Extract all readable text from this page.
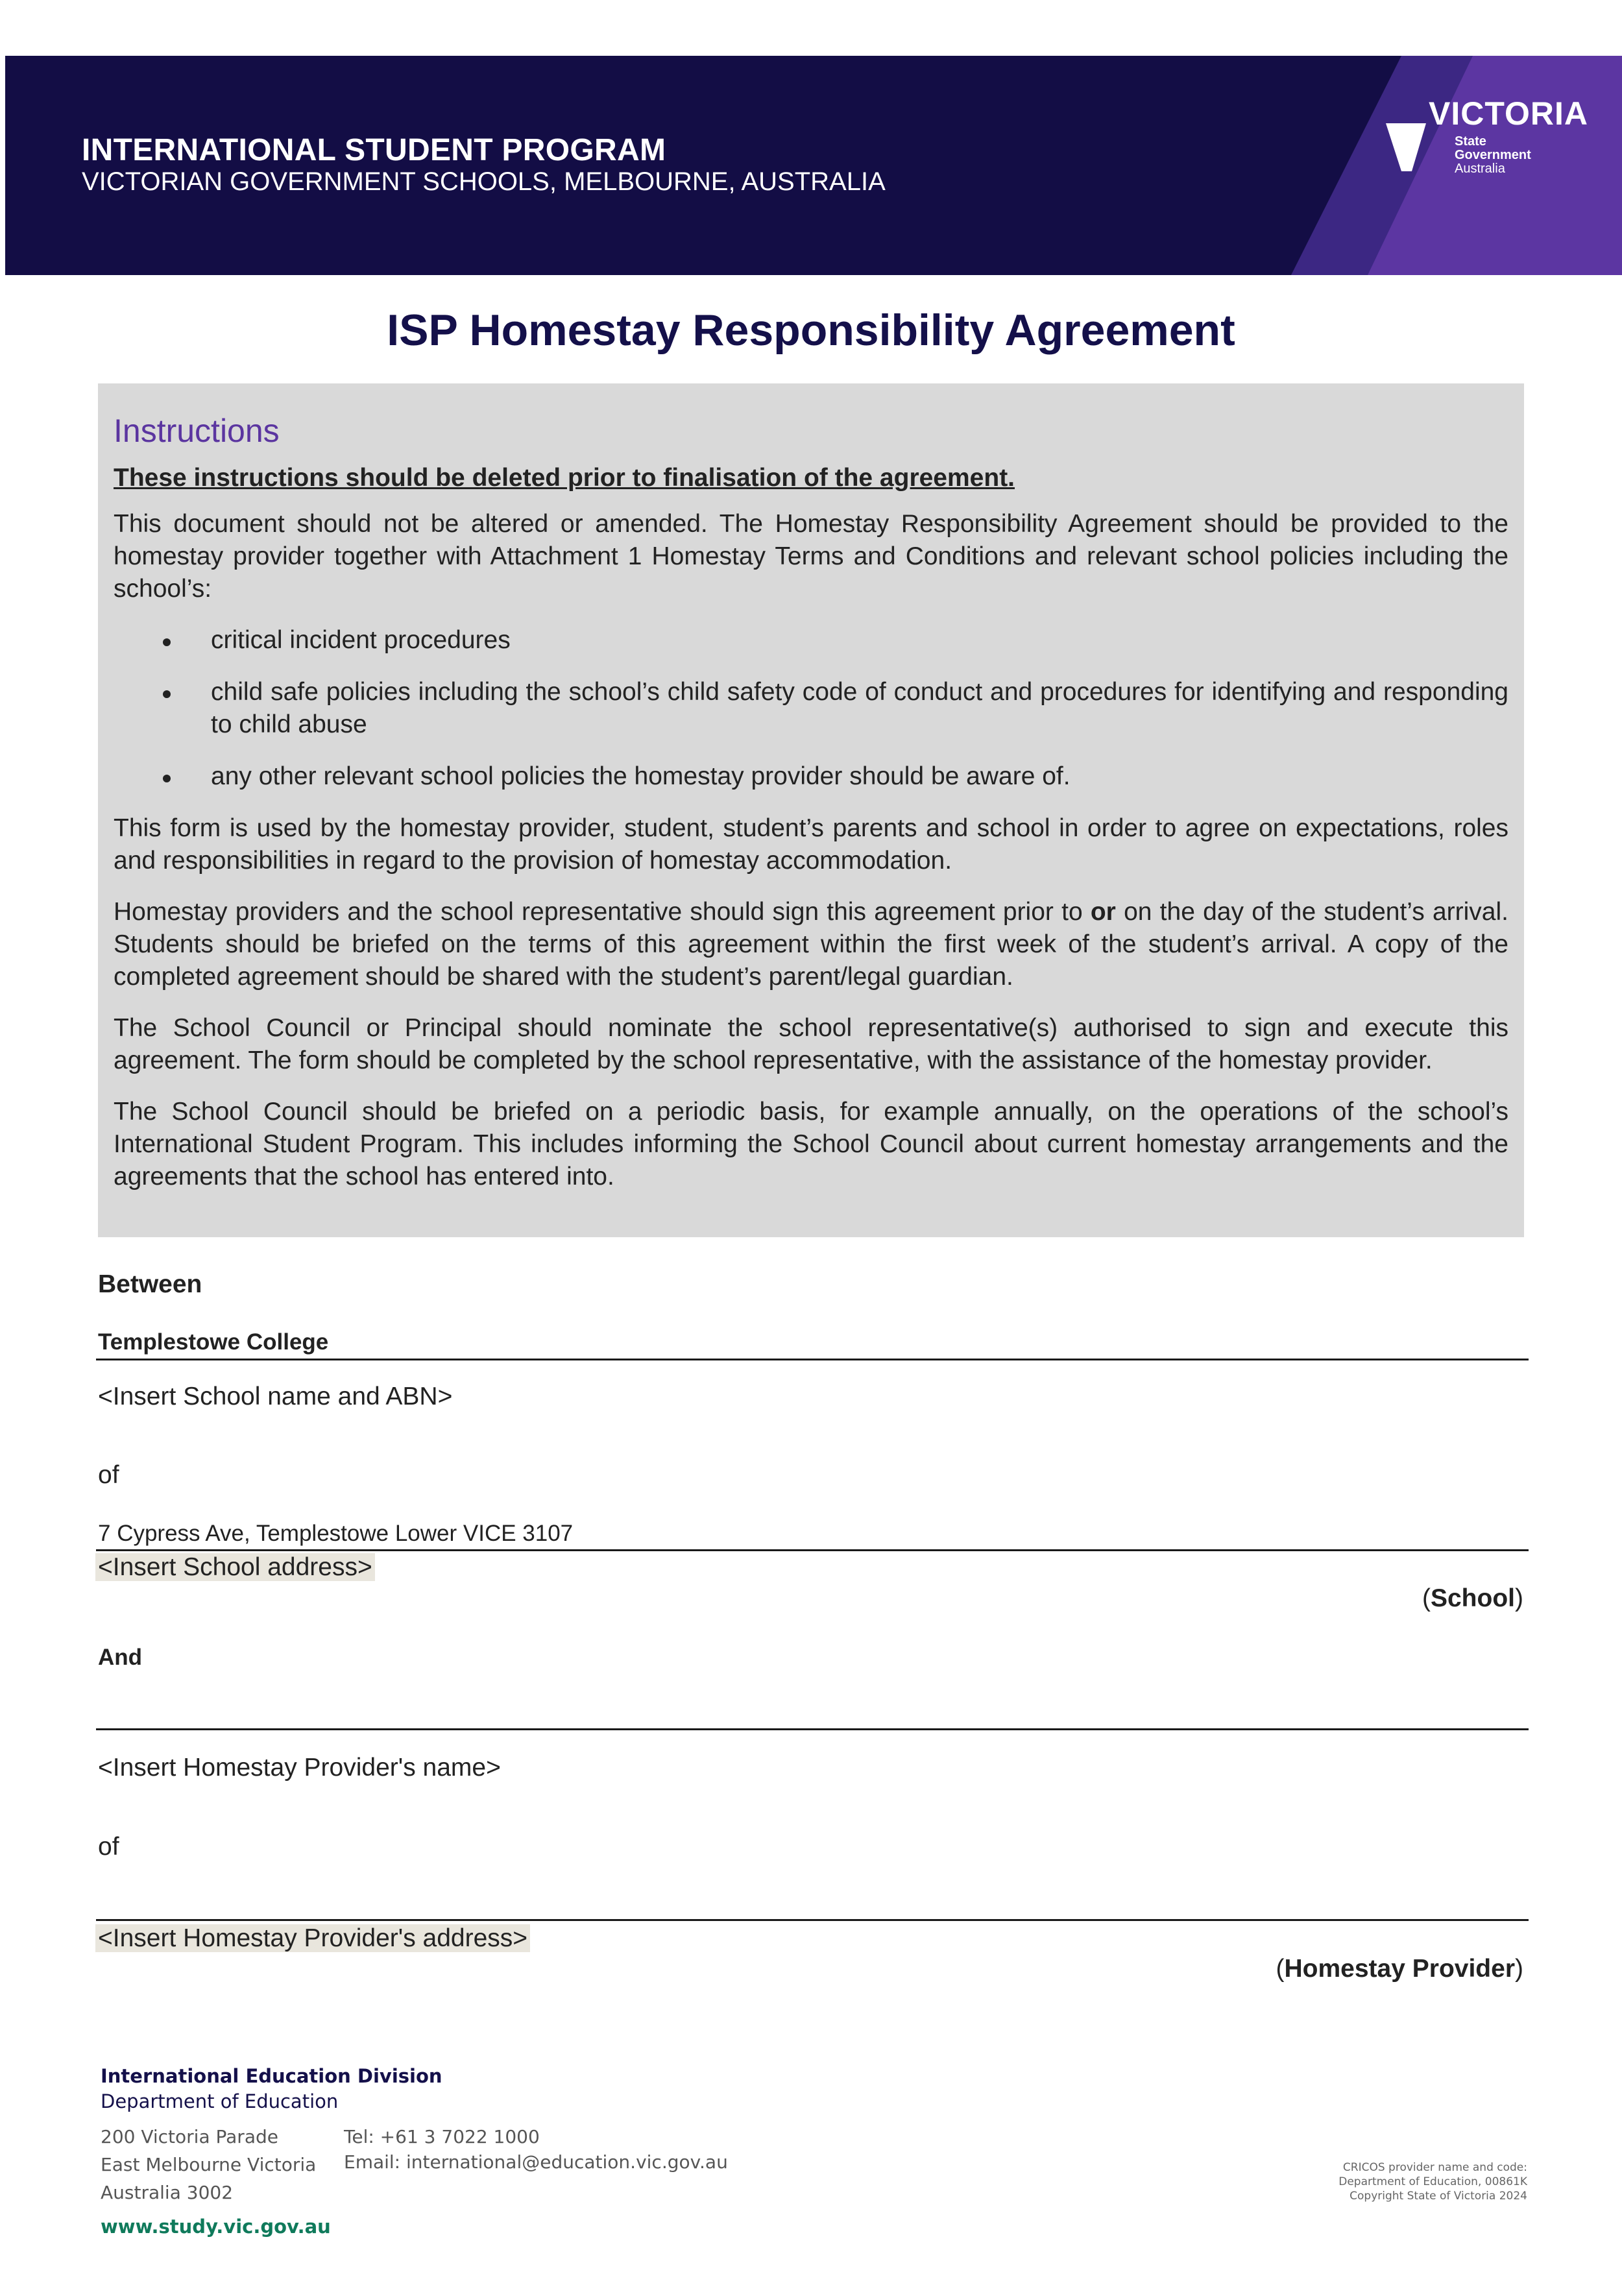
INTERNATIONAL STUDENT PROGRAM
VICTORIAN GOVERNMENT SCHOOLS, MELBOURNE, AUSTRALIA
VICTORIA
State
Government
Australia
ISP Homestay Responsibility Agreement
Instructions
These instructions should be deleted prior to finalisation of the agreement.

This document should not be altered or amended. The Homestay Responsibility Agreement should be provided to the homestay provider together with Attachment 1 Homestay Terms and Conditions and relevant school policies including the school’s:

critical incident procedures
child safe policies including the school’s child safety code of conduct and procedures for identifying and responding to child abuse
any other relevant school policies the homestay provider should be aware of.

This form is used by the homestay provider, student, student’s parents and school in order to agree on expectations, roles and responsibilities in regard to the provision of homestay accommodation.

Homestay providers and the school representative should sign this agreement prior to or on the day of the student’s arrival. Students should be briefed on the terms of this agreement within the first week of the student’s arrival. A copy of the completed agreement should be shared with the student’s parent/legal guardian.

The School Council or Principal should nominate the school representative(s) authorised to sign and execute this agreement. The form should be completed by the school representative, with the assistance of the homestay provider.

The School Council should be briefed on a periodic basis, for example annually, on the operations of the school’s International Student Program. This includes informing the School Council about current homestay arrangements and the agreements that the school has entered into.

Between
Templestowe College
<Insert School name and ABN>
of
7 Cypress Ave, Templestowe Lower VICE 3107
<Insert School address>
(School)
And
<Insert Homestay Provider's name>
of
<Insert Homestay Provider's address>
(Homestay Provider)
International Education Division
Department of Education
200 Victoria Parade
East Melbourne Victoria
Australia 3002
Tel: +61 3 7022 1000
Email: international@education.vic.gov.au
www.study.vic.gov.au
CRICOS provider name and code:
Department of Education, 00861K
Copyright State of Victoria 2024
